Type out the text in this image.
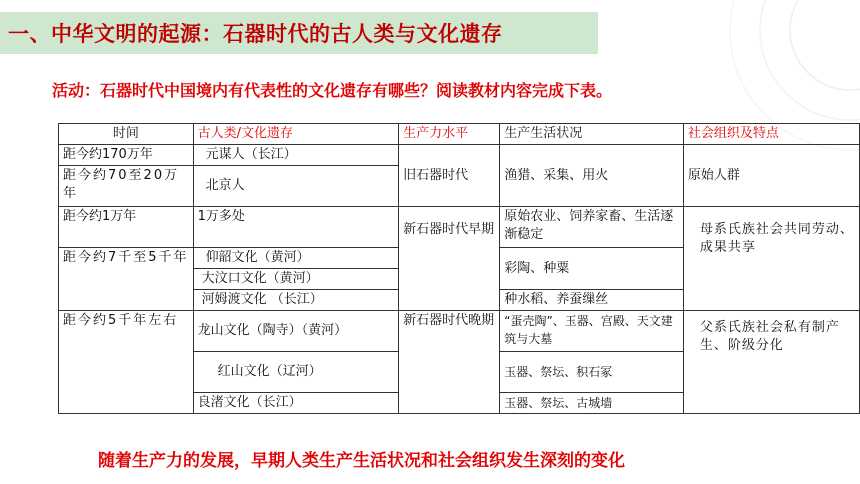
一、中华文明的起源：石器时代的古人类与文化遗存
活动：石器时代中国境内有代表性的文化遗存有哪些？阅读教材内容完成下表。
时间	古人类/文化遗存	生产力水平	生产生活状况	社会组织及特点
距今约170万年	元谋人（长江）	旧石器时代	渔猎、采集、用火	原始人群
距今约70至20万年	北京人			
距今约1万年	1万多处	新石器时代早期	原始农业、饲养家畜、生活逐渐稳定	母系氏族社会共同劳动、成果共享
距今约7千至5千年	仰韶文化（黄河）		彩陶、种粟	
	大汶口文化（黄河）			
	河姆渡文化 （长江）		种水稻、养蚕缫丝	
距今约5千年左右	龙山文化（陶寺）（黄河）	新石器时代晚期	“蛋壳陶”、玉器、宫殿、天文建筑与大墓	父系氏族社会私有制产生、阶级分化
	红山文化（辽河）		玉器、祭坛、积石冢	
	良渚文化（长江）		玉器、祭坛、古城墙	
随着生产力的发展，早期人类生产生活状况和社会组织发生深刻的变化
